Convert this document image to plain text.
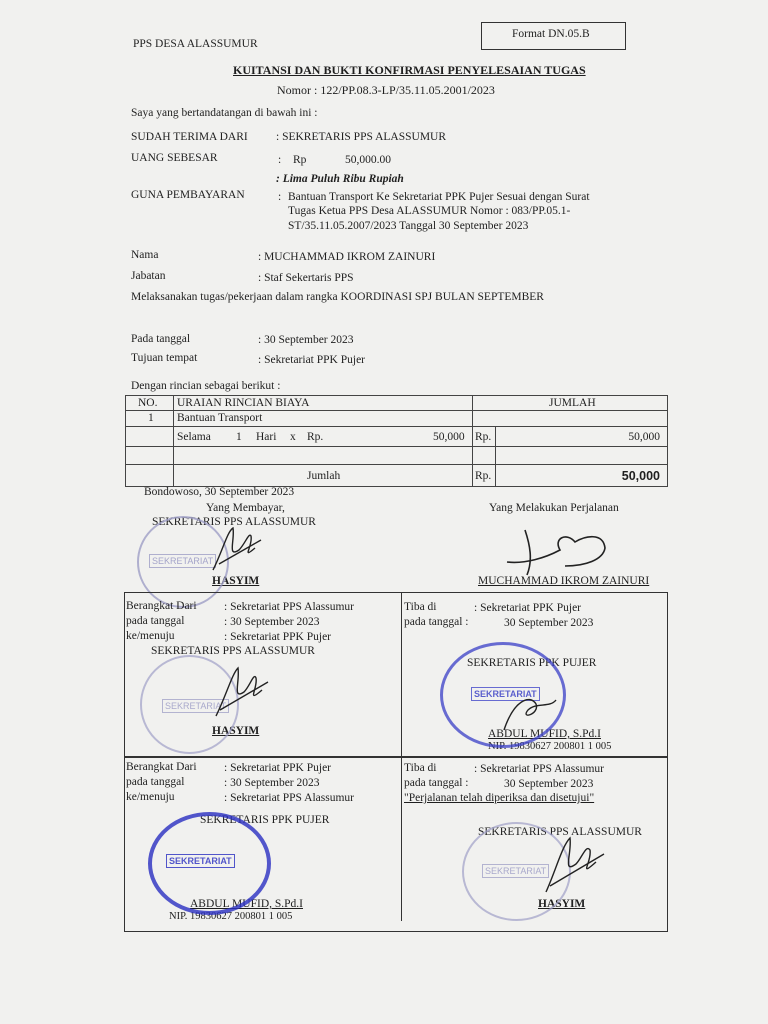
PPS DESA ALASSUMUR
Format DN.05.B
KUITANSI DAN BUKTI KONFIRMASI PENYELESAIAN TUGAS
Nomor : 122/PP.08.3-LP/35.11.05.2001/2023
Saya yang bertandatangan di bawah ini :
SUDAH TERIMA DARI : SEKRETARIS PPS ALASSUMUR
UANG SEBESAR	: Rp	50,000.00
: Lima Puluh Ribu Rupiah
GUNA PEMBAYARAN	: Bantuan Transport Ke Sekretariat PPK Pujer Sesuai dengan Surat
Tugas Ketua PPS Desa ALASSUMUR Nomor : 083/PP.05.1-
ST/35.11.05.2007/2023 Tanggal 30 September 2023
Nama	: MUCHAMMAD IKROM ZAINURI
Jabatan	: Staf Sekertaris PPS
Melaksanakan tugas/pekerjaan dalam rangka KOORDINASI SPJ BULAN SEPTEMBER
Pada tanggal	: 30 September 2023
Tujuan tempat	: Sekretariat PPK Pujer
Dengan rincian sebagai berikut :
NO. URAIAN RINCIAN BIAYA	JUMLAH
1 Bantuan Transport
Selama 1 Hari x Rp.	50,000 Rp.	50,000
Jumlah	Rp.	50,000
Bondowoso, 30 September 2023
Yang Membayar,
SEKRETARIS PPS ALASSUMUR
HASYIM
Yang Melakukan Perjalanan
MUCHAMMAD IKROM ZAINURI
SEKRETARIAT
Berangkat Dari : Sekretariat PPS Alassumur
pada tanggal	: 30 September 2023
ke/menuju	: Sekretariat PPK Pujer
SEKRETARIS PPS ALASSUMUR
HASYIM
SEKRETARIAT
Tiba di	: Sekretariat PPK Pujer
pada tanggal :	30 September 2023
SEKRETARIS PPK PUJER
ABDUL MUFID, S.Pd.I
NIP. 19830627 200801 1 005
SEKRETARIAT
Berangkat Dari : Sekretariat PPK Pujer
pada tanggal	: 30 September 2023
ke/menuju	: Sekretariat PPS Alassumur
SEKRETARIS PPK PUJER
ABDUL MUFID, S.Pd.I
NIP. 19830627 200801 1 005
SEKRETARIAT
Tiba di	: Sekretariat PPS Alassumur
pada tanggal :	30 September 2023
"Perjalanan telah diperiksa dan disetujui"
SEKRETARIS PPS ALASSUMUR
HASYIM
SEKRETARIAT
